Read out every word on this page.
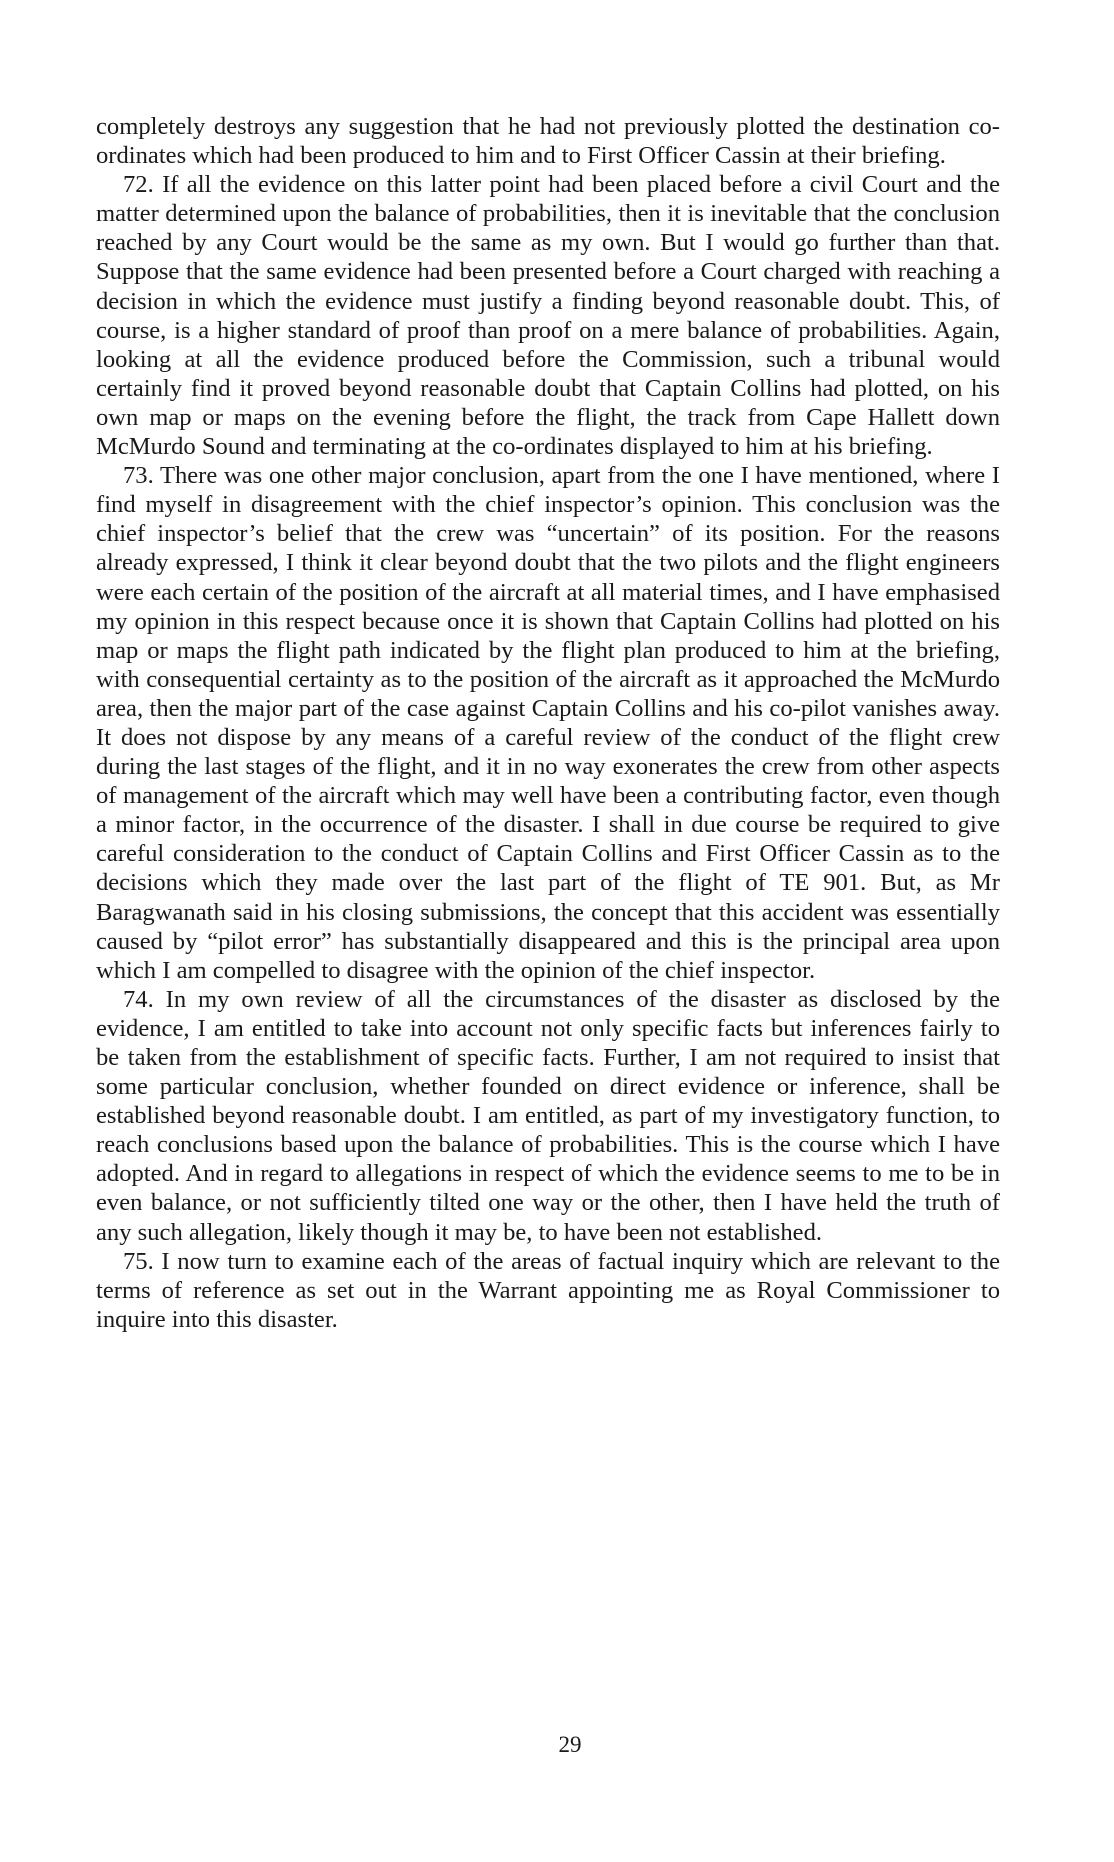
completely destroys any suggestion that he had not previously plotted the destination co-ordinates which had been produced to him and to First Officer Cassin at their briefing.

72. If all the evidence on this latter point had been placed before a civil Court and the matter determined upon the balance of probabilities, then it is inevitable that the conclusion reached by any Court would be the same as my own. But I would go further than that. Suppose that the same evidence had been presented before a Court charged with reaching a decision in which the evidence must justify a finding beyond reasonable doubt. This, of course, is a higher standard of proof than proof on a mere balance of probabilities. Again, looking at all the evidence produced before the Commission, such a tribunal would certainly find it proved beyond reasonable doubt that Captain Collins had plotted, on his own map or maps on the evening before the flight, the track from Cape Hallett down McMurdo Sound and terminating at the co-ordinates displayed to him at his briefing.

73. There was one other major conclusion, apart from the one I have mentioned, where I find myself in disagreement with the chief inspector’s opinion. This conclusion was the chief inspector’s belief that the crew was “uncertain” of its position. For the reasons already expressed, I think it clear beyond doubt that the two pilots and the flight engineers were each certain of the position of the aircraft at all material times, and I have emphasised my opinion in this respect because once it is shown that Captain Collins had plotted on his map or maps the flight path indicated by the flight plan produced to him at the briefing, with consequential certainty as to the position of the aircraft as it approached the McMurdo area, then the major part of the case against Captain Collins and his co-pilot vanishes away. It does not dispose by any means of a careful review of the conduct of the flight crew during the last stages of the flight, and it in no way exonerates the crew from other aspects of management of the aircraft which may well have been a contributing factor, even though a minor factor, in the occurrence of the disaster. I shall in due course be required to give careful consideration to the conduct of Captain Collins and First Officer Cassin as to the decisions which they made over the last part of the flight of TE 901. But, as Mr Baragwanath said in his closing submissions, the concept that this accident was essentially caused by “pilot error” has substantially disappeared and this is the principal area upon which I am compelled to disagree with the opinion of the chief inspector.

74. In my own review of all the circumstances of the disaster as disclosed by the evidence, I am entitled to take into account not only specific facts but inferences fairly to be taken from the establishment of specific facts. Further, I am not required to insist that some particular conclusion, whether founded on direct evidence or inference, shall be established beyond reasonable doubt. I am entitled, as part of my investigatory function, to reach conclusions based upon the balance of probabilities. This is the course which I have adopted. And in regard to allegations in respect of which the evidence seems to me to be in even balance, or not sufficiently tilted one way or the other, then I have held the truth of any such allegation, likely though it may be, to have been not established.

75. I now turn to examine each of the areas of factual inquiry which are relevant to the terms of reference as set out in the Warrant appointing me as Royal Commissioner to inquire into this disaster.

29
